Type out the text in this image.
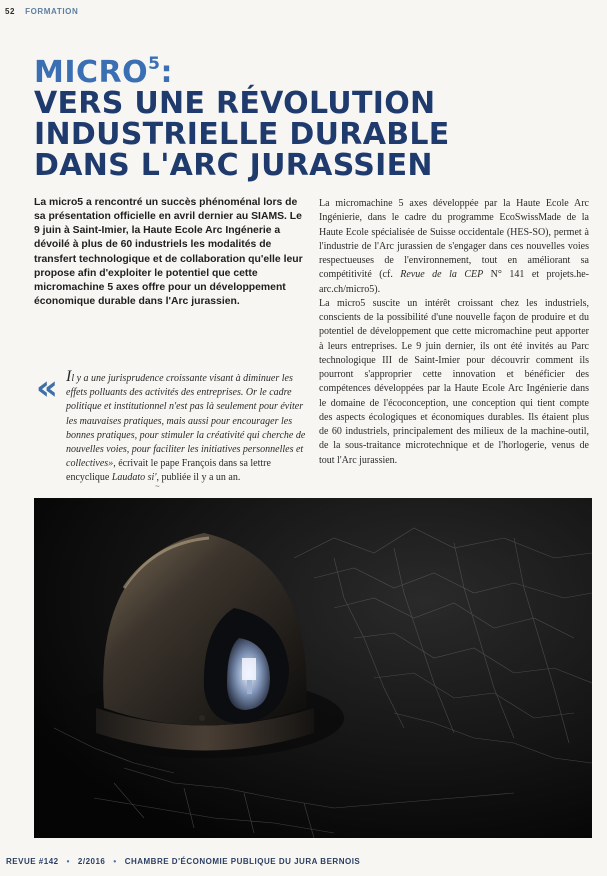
52 FORMATION
MICRO$^5$:
VERS UNE RÉVOLUTION
INDUSTRIELLE DURABLE
DANS L'ARC JURASSIEN

La micro5 a rencontré un succès phénoménal lors de sa présentation officielle en avril dernier au SIAMS. Le 9 juin à Saint-Imier, la Haute Ecole Arc Ingénerie a dévoilé à plus de 60 industriels les modalités de transfert technologique et de collaboration qu'elle leur propose afin d'exploiter le potentiel que cette micromachine 5 axes offre pour un développement économique durable dans l'Arc jurassien.

« Il y a une jurisprudence croissante visant à diminuer les effets polluants des activités des entreprises. Or le cadre politique et institutionnel n'est pas là seulement pour éviter les mauvaises pratiques, mais aussi pour encourager les bonnes pratiques, pour stimuler la créativité qui cherche de nouvelles voies, pour faciliter les initiatives personnelles et collectives», écrivait le pape François dans sa lettre encyclique Laudato si', publiée il y a un an.

~

La micromachine 5 axes développée par la Haute Ecole Arc Ingénierie, dans le cadre du programme EcoSwissMade de la Haute Ecole spécialisée de Suisse occidentale (HES-SO), permet à l'industrie de l'Arc jurassien de s'engager dans ces nouvelles voies respectueuses de l'environnement, tout en améliorant sa compétitivité (cf. Revue de la CEP N° 141 et projets.he-arc.ch/micro5).

La micro5 suscite un intérêt croissant chez les industriels, conscients de la possibilité d'une nouvelle façon de produire et du potentiel de développement que cette micromachine peut apporter à leurs entreprises. Le 9 juin dernier, ils ont été invités au Parc technologique III de Saint-Imier pour découvrir comment ils pourront s'approprier cette innovation et bénéficier des compétences développées par la Haute Ecole Arc Ingénierie dans le domaine de l'écoconception, une conception qui tient compte des aspects écologiques et économiques durables. Ils étaient plus de 60 industriels, principalement des milieux de la machine-outil, de la sous-traitance microtechnique et de l'horlogerie, venus de tout l'Arc jurassien.

REVUE #142 • 2/2016 • CHAMBRE D'ÉCONOMIE PUBLIQUE DU JURA BERNOIS
